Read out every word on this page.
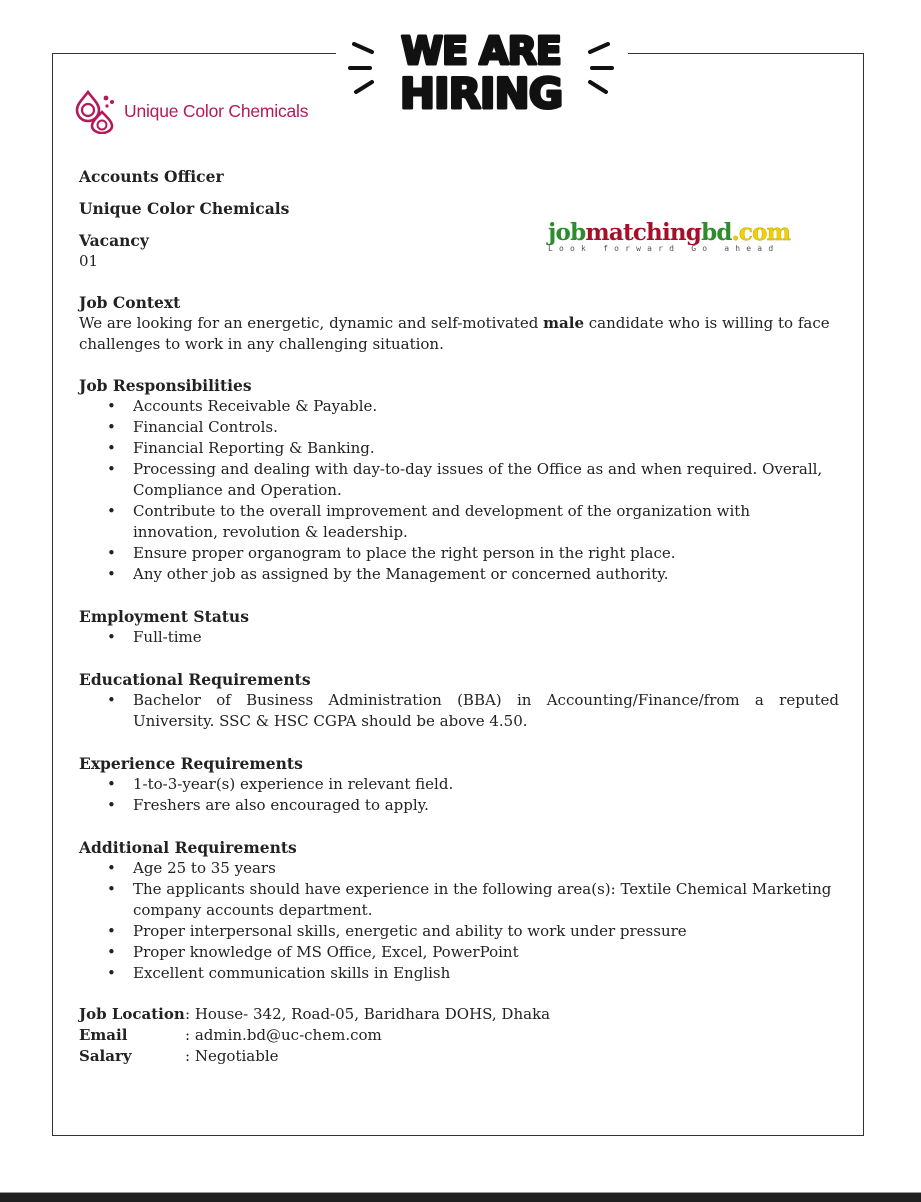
WE ARE
HIRING
Unique Color Chemicals
jobmatchingbd.com
Look forward Go ahead
Accounts Officer
Unique Color Chemicals
Vacancy
01
Job Context
We are looking for an energetic, dynamic and self-motivated male candidate who is willing to face challenges to work in any challenging situation.
Job Responsibilities
• Accounts Receivable & Payable.
• Financial Controls.
• Financial Reporting & Banking.
• Processing and dealing with day-to-day issues of the Office as and when required. Overall, Compliance and Operation.
• Contribute to the overall improvement and development of the organization with innovation, revolution & leadership.
• Ensure proper organogram to place the right person in the right place.
• Any other job as assigned by the Management or concerned authority.
Employment Status
• Full-time
Educational Requirements
• Bachelor of Business Administration (BBA) in Accounting/Finance/from a reputed University. SSC & HSC CGPA should be above 4.50.
Experience Requirements
• 1-to-3-year(s) experience in relevant field.
• Freshers are also encouraged to apply.
Additional Requirements
• Age 25 to 35 years
• The applicants should have experience in the following area(s): Textile Chemical Marketing company accounts department.
• Proper interpersonal skills, energetic and ability to work under pressure
• Proper knowledge of MS Office, Excel, PowerPoint
• Excellent communication skills in English
Job Location : House- 342, Road-05, Baridhara DOHS, Dhaka
Email	: admin.bd@uc-chem.com
Salary	: Negotiable
